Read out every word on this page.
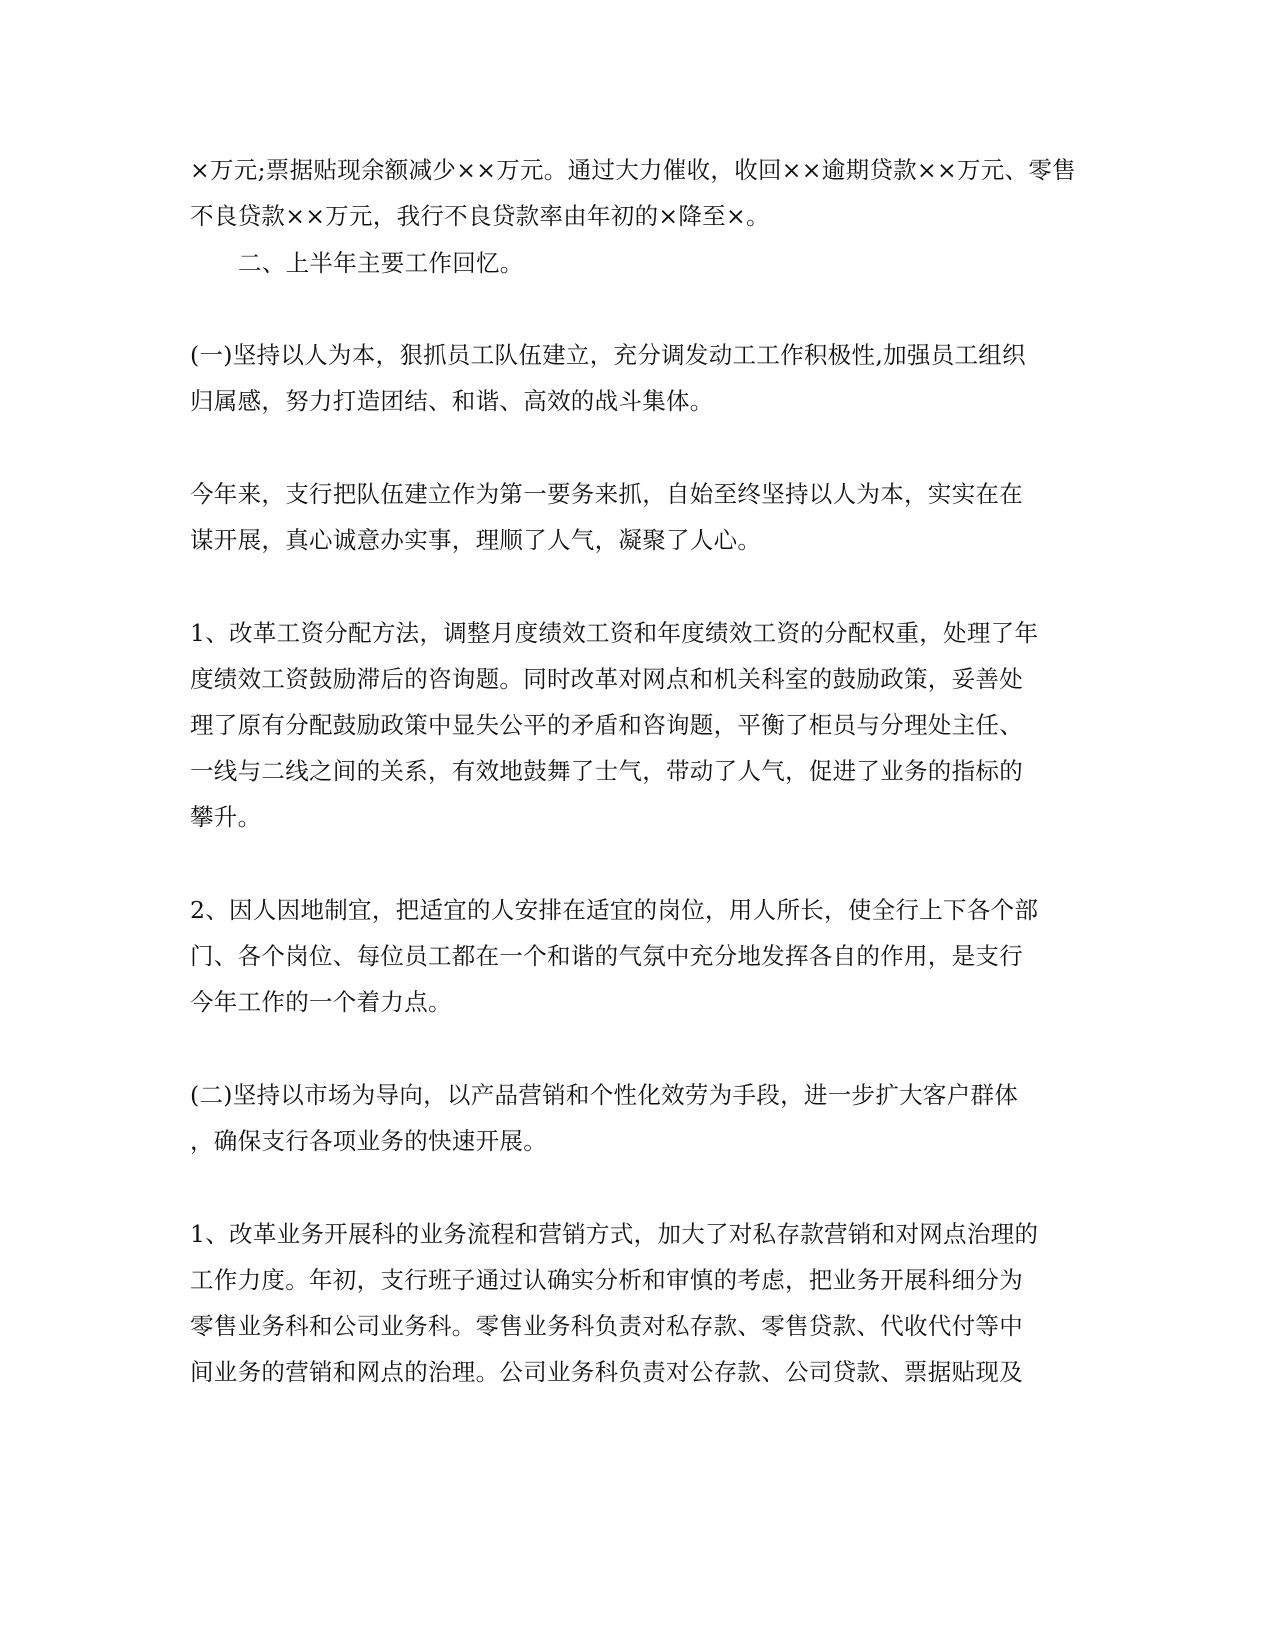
×万元;票据贴现余额减少××万元。通过大力催收，收回××逾期贷款××万元、零售
不良贷款××万元，我行不良贷款率由年初的×降至×。
二、上半年主要工作回忆。
(一)坚持以人为本，狠抓员工队伍建立，充分调发动工工作积极性,加强员工组织
归属感，努力打造团结、和谐、高效的战斗集体。
今年来，支行把队伍建立作为第一要务来抓，自始至终坚持以人为本，实实在在
谋开展，真心诚意办实事，理顺了人气，凝聚了人心。
1、改革工资分配方法，调整月度绩效工资和年度绩效工资的分配权重，处理了年
度绩效工资鼓励滞后的咨询题。同时改革对网点和机关科室的鼓励政策，妥善处
理了原有分配鼓励政策中显失公平的矛盾和咨询题，平衡了柜员与分理处主任、
一线与二线之间的关系，有效地鼓舞了士气，带动了人气，促进了业务的指标的
攀升。
2、因人因地制宜，把适宜的人安排在适宜的岗位，用人所长，使全行上下各个部
门、各个岗位、每位员工都在一个和谐的气氛中充分地发挥各自的作用，是支行
今年工作的一个着力点。
(二)坚持以市场为导向，以产品营销和个性化效劳为手段，进一步扩大客户群体
，确保支行各项业务的快速开展。
1、改革业务开展科的业务流程和营销方式，加大了对私存款营销和对网点治理的
工作力度。年初，支行班子通过认确实分析和审慎的考虑，把业务开展科细分为
零售业务科和公司业务科。零售业务科负责对私存款、零售贷款、代收代付等中
间业务的营销和网点的治理。公司业务科负责对公存款、公司贷款、票据贴现及
